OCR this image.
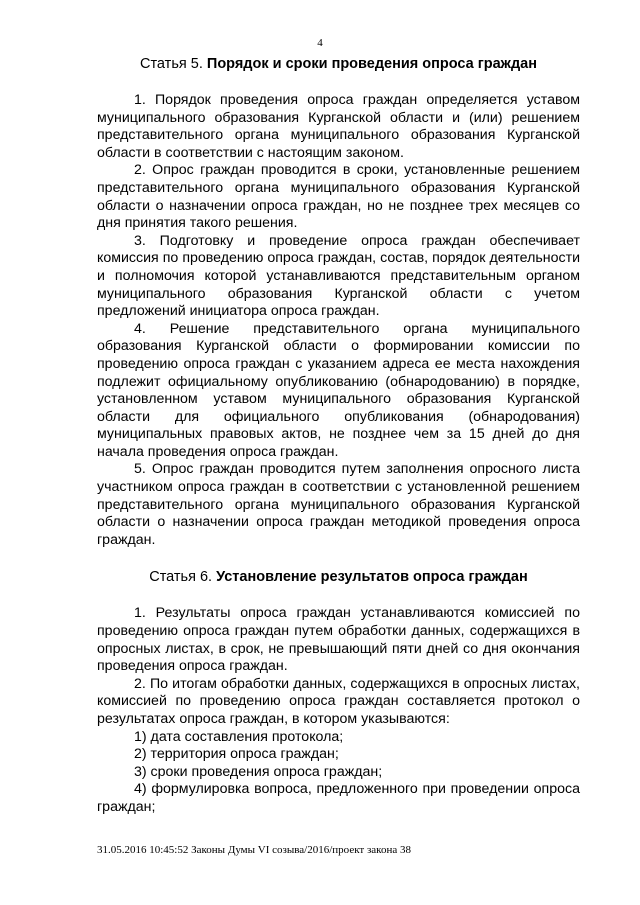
4

Статья 5. Порядок и сроки проведения опроса граждан

1. Порядок проведения опроса граждан определяется уставом муниципального образования Курганской области и (или) решением представительного органа муниципального образования Курганской области в соответствии с настоящим законом.

2. Опрос граждан проводится в сроки, установленные решением представительного органа муниципального образования Курганской области о назначении опроса граждан, но не позднее трех месяцев со дня принятия такого решения.

3. Подготовку и проведение опроса граждан обеспечивает комиссия по проведению опроса граждан, состав, порядок деятельности и полномочия которой устанавливаются представительным органом муниципального образования Курганской области с учетом предложений инициатора опроса граждан.

4. Решение представительного органа муниципального образования Курганской области о формировании комиссии по проведению опроса граждан с указанием адреса ее места нахождения подлежит официальному опубликованию (обнародованию) в порядке, установленном уставом муниципального образования Курганской области для официального опубликования (обнародования) муниципальных правовых актов, не позднее чем за 15 дней до дня начала проведения опроса граждан.

5. Опрос граждан проводится путем заполнения опросного листа участником опроса граждан в соответствии с установленной решением представительного органа муниципального образования Курганской области о назначении опроса граждан методикой проведения опроса граждан.

Статья 6. Установление результатов опроса граждан

1. Результаты опроса граждан устанавливаются комиссией по проведению опроса граждан путем обработки данных, содержащихся в опросных листах, в срок, не превышающий пяти дней со дня окончания проведения опроса граждан.

2. По итогам обработки данных, содержащихся в опросных листах, комиссией по проведению опроса граждан составляется протокол о результатах опроса граждан, в котором указываются:

1) дата составления протокола;

2) территория опроса граждан;

3) сроки проведения опроса граждан;

4) формулировка вопроса, предложенного при проведении опроса граждан;

31.05.2016 10:45:52 Законы Думы VI созыва/2016/проект закона 38
